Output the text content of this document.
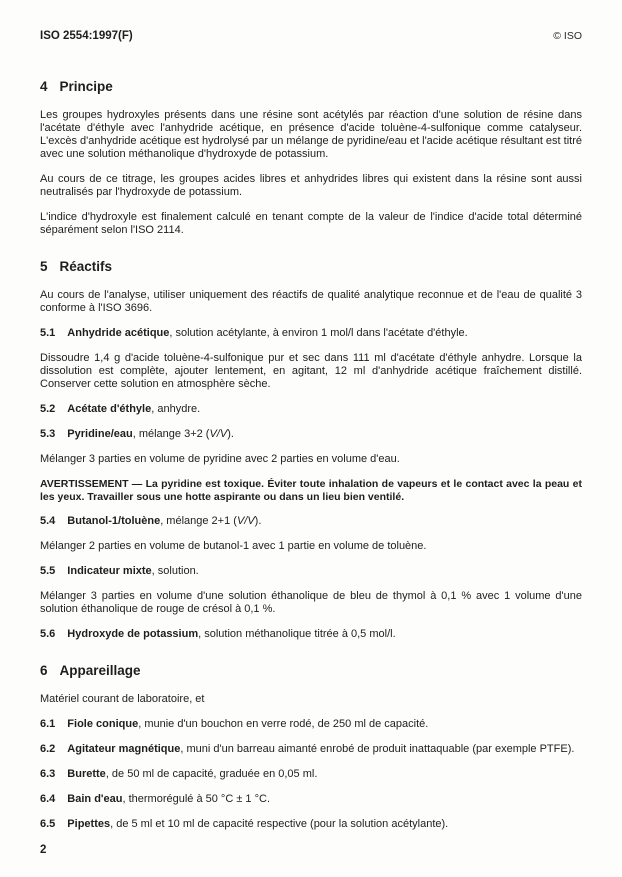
ISO 2554:1997(F)	© ISO
4 Principe

Les groupes hydroxyles présents dans une résine sont acétylés par réaction d'une solution de résine dans l'acétate d'éthyle avec l'anhydride acétique, en présence d'acide toluène-4-sulfonique comme catalyseur. L'excès d'anhydride acétique est hydrolysé par un mélange de pyridine/eau et l'acide acétique résultant est titré avec une solution méthanolique d'hydroxyde de potassium.

Au cours de ce titrage, les groupes acides libres et anhydrides libres qui existent dans la résine sont aussi neutralisés par l'hydroxyde de potassium.

L'indice d'hydroxyle est finalement calculé en tenant compte de la valeur de l'indice d'acide total déterminé séparément selon l'ISO 2114.

5 Réactifs

Au cours de l'analyse, utiliser uniquement des réactifs de qualité analytique reconnue et de l'eau de qualité 3 conforme à l'ISO 3696.

5.1 Anhydride acétique, solution acétylante, à environ 1 mol/l dans l'acétate d'éthyle.

Dissoudre 1,4 g d'acide toluène-4-sulfonique pur et sec dans 111 ml d'acétate d'éthyle anhydre. Lorsque la dissolution est complète, ajouter lentement, en agitant, 12 ml d'anhydride acétique fraîchement distillé. Conserver cette solution en atmosphère sèche.

5.2 Acétate d'éthyle, anhydre.

5.3 Pyridine/eau, mélange 3+2 (V/V).

Mélanger 3 parties en volume de pyridine avec 2 parties en volume d'eau.

AVERTISSEMENT — La pyridine est toxique. Éviter toute inhalation de vapeurs et le contact avec la peau et les yeux. Travailler sous une hotte aspirante ou dans un lieu bien ventilé.

5.4 Butanol-1/toluène, mélange 2+1 (V/V).

Mélanger 2 parties en volume de butanol-1 avec 1 partie en volume de toluène.

5.5 Indicateur mixte, solution.

Mélanger 3 parties en volume d'une solution éthanolique de bleu de thymol à 0,1 % avec 1 volume d'une solution éthanolique de rouge de crésol à 0,1 %.

5.6 Hydroxyde de potassium, solution méthanolique titrée à 0,5 mol/l.

6 Appareillage

Matériel courant de laboratoire, et

6.1 Fiole conique, munie d'un bouchon en verre rodé, de 250 ml de capacité.

6.2 Agitateur magnétique, muni d'un barreau aimanté enrobé de produit inattaquable (par exemple PTFE).

6.3 Burette, de 50 ml de capacité, graduée en 0,05 ml.

6.4 Bain d'eau, thermorégulé à 50 °C ± 1 °C.

6.5 Pipettes, de 5 ml et 10 ml de capacité respective (pour la solution acétylante).

2
